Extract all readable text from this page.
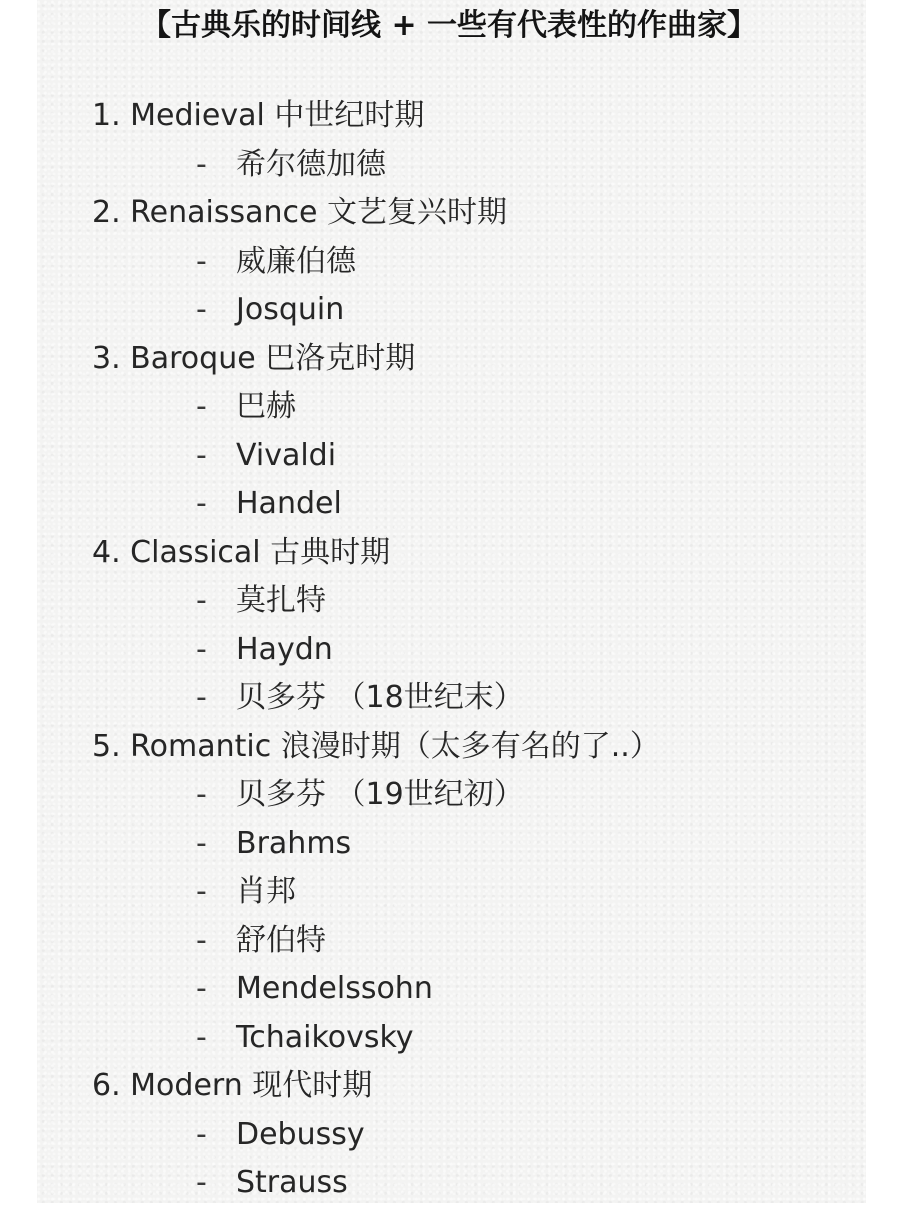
【古典乐的时间线 + 一些有代表性的作曲家】
1. Medieval 中世纪时期
- 希尔德加德
2. Renaissance 文艺复兴时期
- 威廉伯德
- Josquin
3. Baroque 巴洛克时期
- 巴赫
- Vivaldi
- Handel
4. Classical 古典时期
- 莫扎特
- Haydn
- 贝多芬 （18世纪末）
5. Romantic 浪漫时期（太多有名的了..）
- 贝多芬 （19世纪初）
- Brahms
- 肖邦
- 舒伯特
- Mendelssohn
- Tchaikovsky
6. Modern 现代时期
- Debussy
- Strauss
